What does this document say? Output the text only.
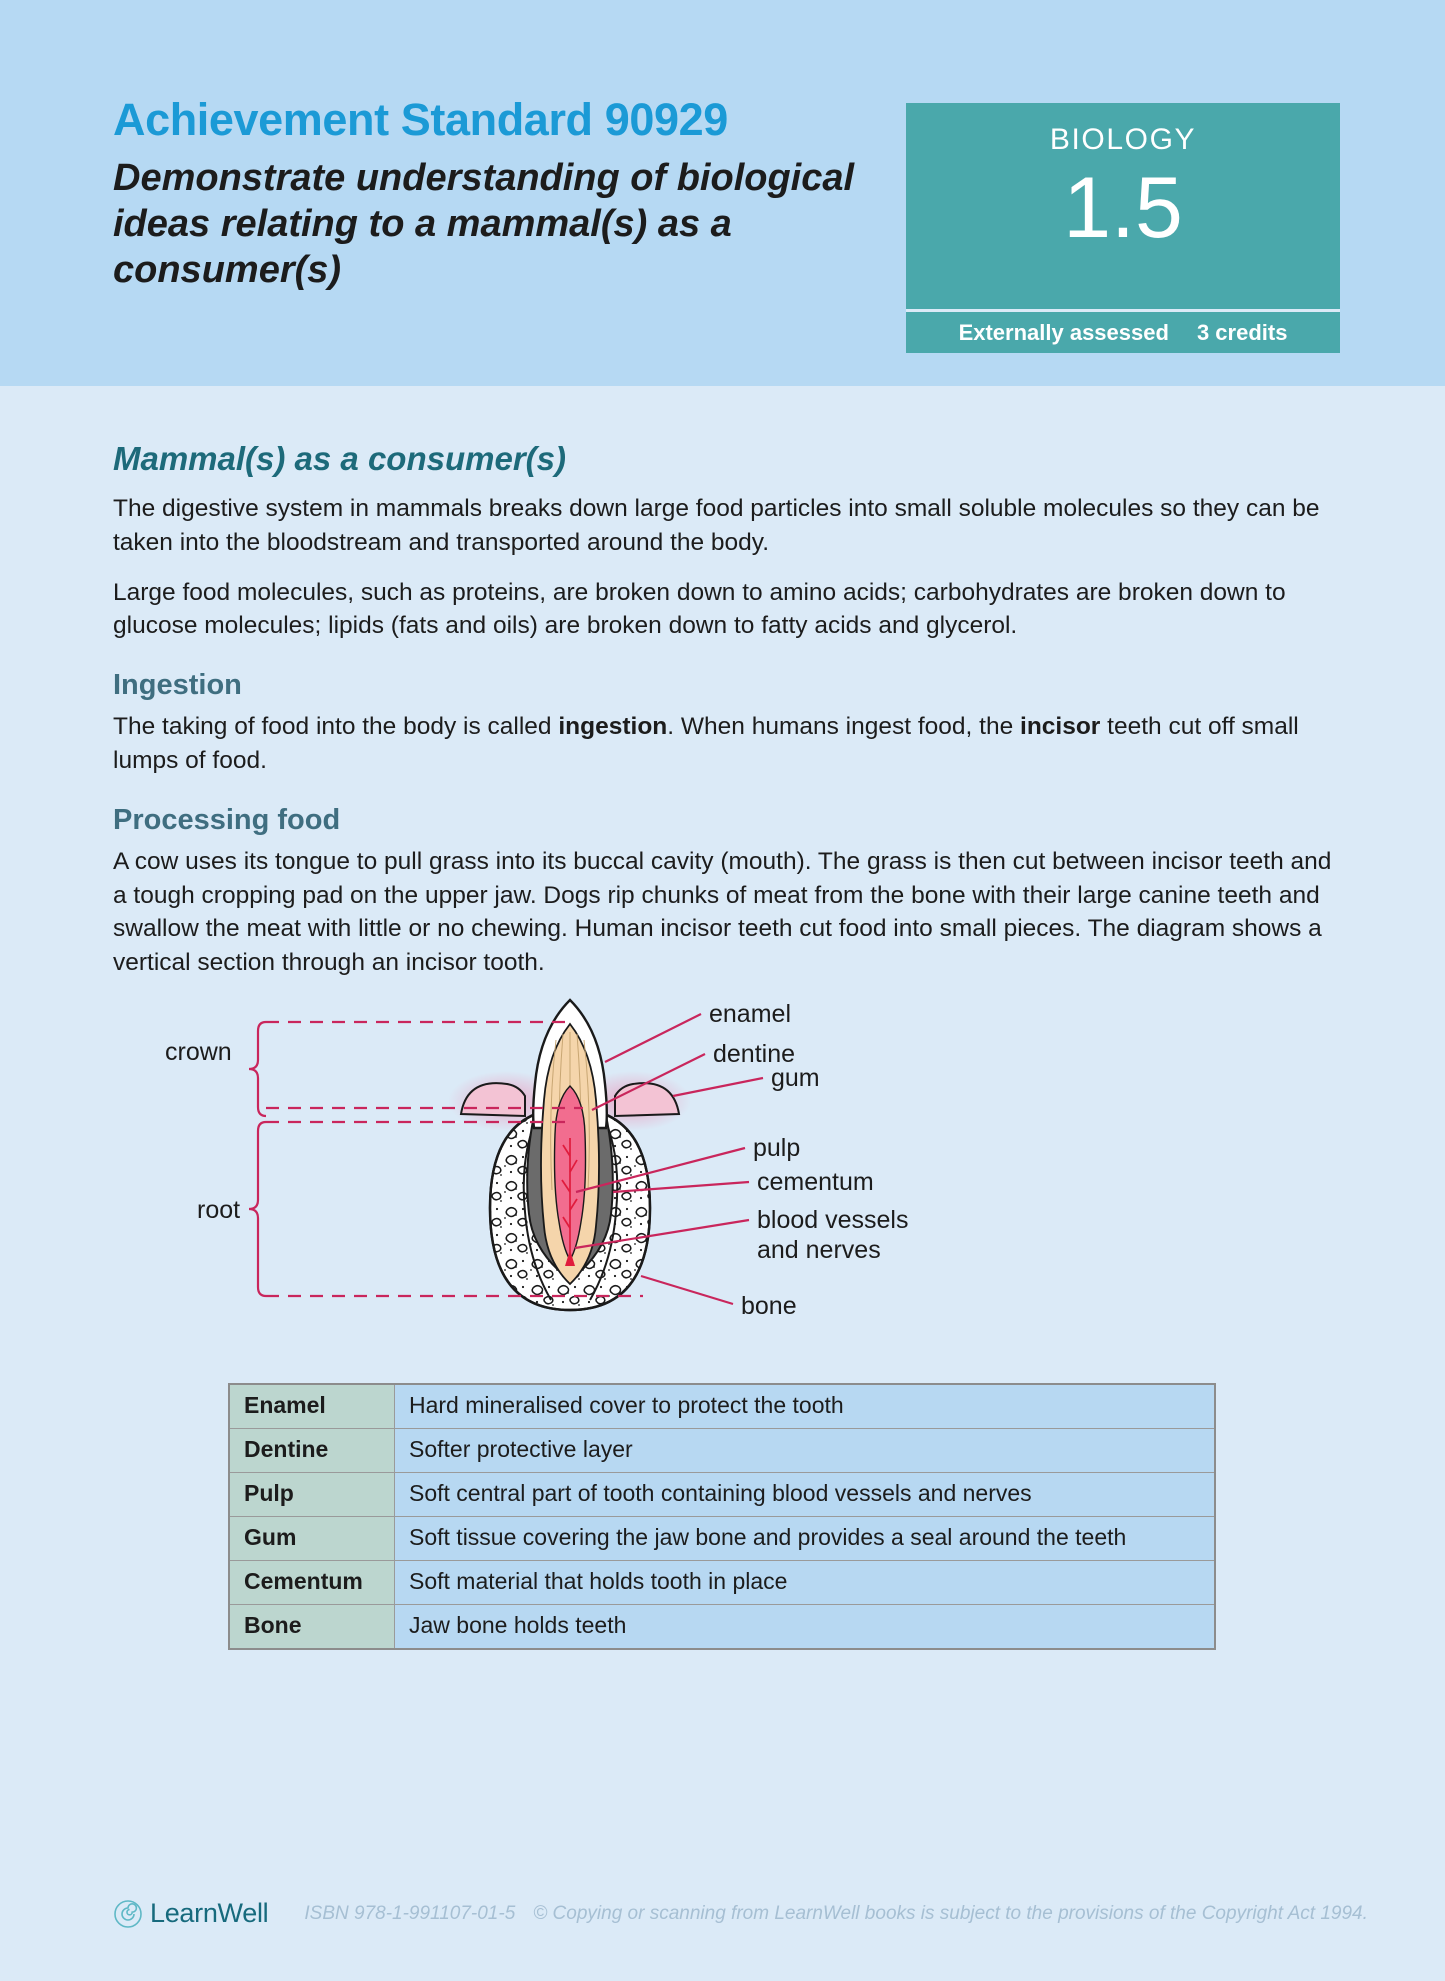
Achievement Standard 90929
Demonstrate understanding of biological ideas relating to a mammal(s) as a consumer(s)
BIOLOGY
1.5
Externally assessed 3 credits
Mammal(s) as a consumer(s)

The digestive system in mammals breaks down large food particles into small soluble molecules so they can be taken into the bloodstream and transported around the body.

Large food molecules, such as proteins, are broken down to amino acids; carbohydrates are broken down to glucose molecules; lipids (fats and oils) are broken down to fatty acids and glycerol.

Ingestion

The taking of food into the body is called ingestion. When humans ingest food, the incisor teeth cut off small lumps of food.

Processing food

A cow uses its tongue to pull grass into its buccal cavity (mouth). The grass is then cut between incisor teeth and a tough cropping pad on the upper jaw. Dogs rip chunks of meat from the bone with their large canine teeth and swallow the meat with little or no chewing. Human incisor teeth cut food into small pieces. The diagram shows a vertical section through an incisor tooth.

crown
root
enamel
dentine
gum
pulp
cementum
blood vessels
and nerves
bone
Enamel	Hard mineralised cover to protect the tooth
Dentine	Softer protective layer
Pulp	Soft central part of tooth containing blood vessels and nerves
Gum	Soft tissue covering the jaw bone and provides a seal around the teeth
Cementum	Soft material that holds tooth in place
Bone	Jaw bone holds teeth
LearnWell ISBN 978-1-991107-01-5 © Copying or scanning from LearnWell books is subject to the provisions of the Copyright Act 1994.
